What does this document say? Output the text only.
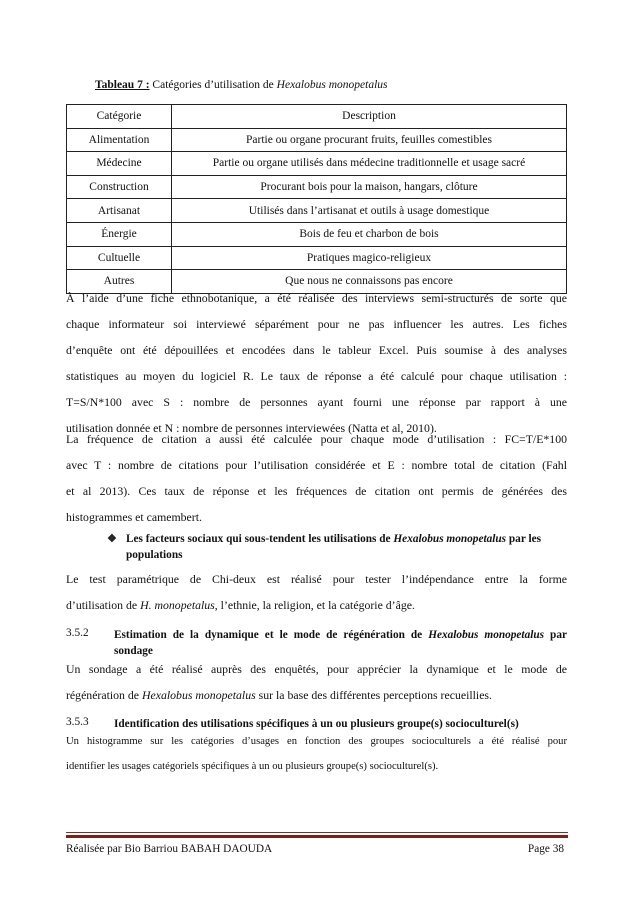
Tableau 7 : Catégories d’utilisation de Hexalobus monopetalus
Catégorie	Description
Alimentation	Partie ou organe procurant fruits, feuilles comestibles
Médecine	Partie ou organe utilisés dans médecine traditionnelle et usage sacré
Construction	Procurant bois pour la maison, hangars, clôture
Artisanat	Utilisés dans l’artisanat et outils à usage domestique
Énergie	Bois de feu et charbon de bois
Cultuelle	Pratiques magico-religieux
Autres	Que nous ne connaissons pas encore
À l’aide d’une fiche ethnobotanique, a été réalisée des interviews semi-structurés de sorte que
chaque informateur soi interviewé séparément pour ne pas influencer les autres. Les fiches
d’enquête ont été dépouillées et encodées dans le tableur Excel. Puis soumise à des analyses
statistiques au moyen du logiciel R. Le taux de réponse a été calculé pour chaque utilisation :
T=S/N*100 avec S : nombre de personnes ayant fourni une réponse par rapport à une
utilisation donnée et N : nombre de personnes interviewées (Natta et al, 2010).
La fréquence de citation a aussi été calculée pour chaque mode d’utilisation : FC=T/E*100
avec T : nombre de citations pour l’utilisation considérée et E : nombre total de citation (Fahl
et al 2013). Ces taux de réponse et les fréquences de citation ont permis de générées des
histogrammes et camembert.
❖ Les facteurs sociaux qui sous-tendent les utilisations de Hexalobus monopetalus par les
populations
Le test paramétrique de Chi-deux est réalisé pour tester l’indépendance entre la forme
d’utilisation de H. monopetalus, l’ethnie, la religion, et la catégorie d’âge.
3.5.2	Estimation de la dynamique et le mode de régénération de Hexalobus monopetalus par
sondage
Un sondage a été réalisé auprès des enquêtés, pour apprécier la dynamique et le mode de
régénération de Hexalobus monopetalus sur la base des différentes perceptions recueillies.
3.5.3	Identification des utilisations spécifiques à un ou plusieurs groupe(s) socioculturel(s)
Un histogramme sur les catégories d’usages en fonction des groupes socioculturels a été réalisé pour
identifier les usages catégoriels spécifiques à un ou plusieurs groupe(s) socioculturel(s).
Réalisée par Bio Barriou BABAH DAOUDA	Page 38
